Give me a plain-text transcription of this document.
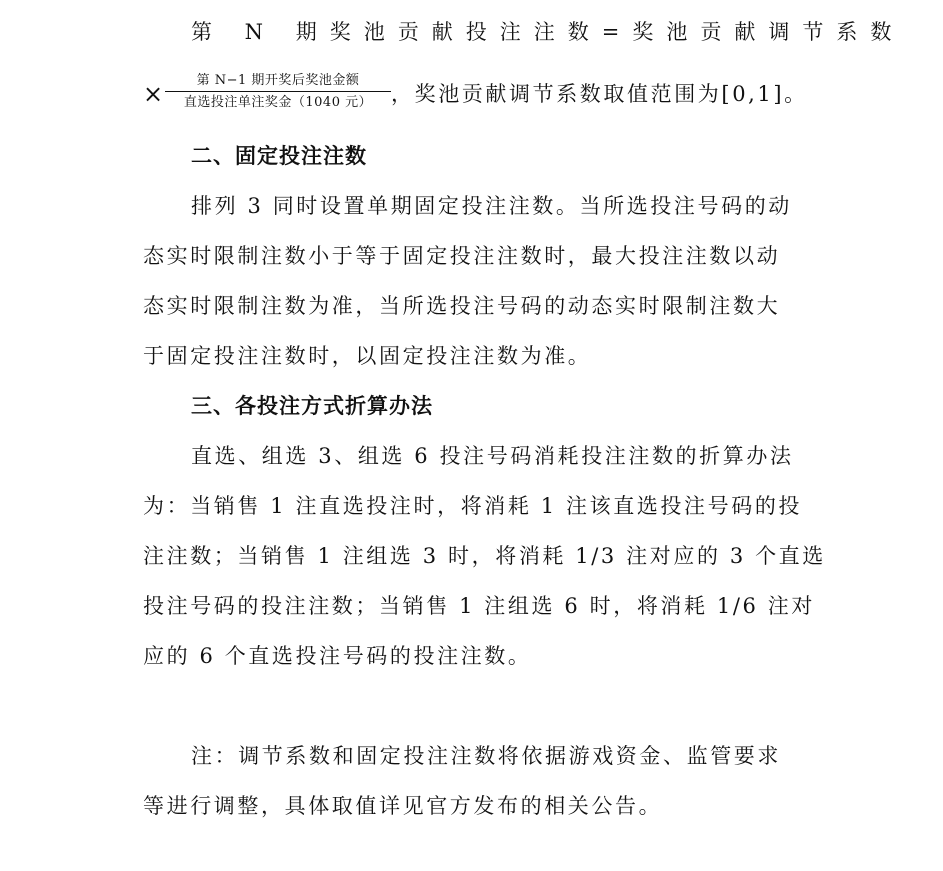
第 N 期奖池贡献投注注数=奖池贡献调节系数
×	第 N−1 期开奖后奖池金额
直选投注单注奖金（1040 元） ，奖池贡献调节系数取值范围为[0,1]。
二、固定投注注数
排列 3 同时设置单期固定投注注数。当所选投注号码的动
态实时限制注数小于等于固定投注注数时，最大投注注数以动
态实时限制注数为准，当所选投注号码的动态实时限制注数大
于固定投注注数时，以固定投注注数为准。
三、各投注方式折算办法
直选、组选 3、组选 6 投注号码消耗投注注数的折算办法
为：当销售 1 注直选投注时，将消耗 1 注该直选投注号码的投
注注数；当销售 1 注组选 3 时，将消耗 1/3 注对应的 3 个直选
投注号码的投注注数；当销售 1 注组选 6 时，将消耗 1/6 注对
应的 6 个直选投注号码的投注注数。
注：调节系数和固定投注注数将依据游戏资金、监管要求
等进行调整，具体取值详见官方发布的相关公告。
